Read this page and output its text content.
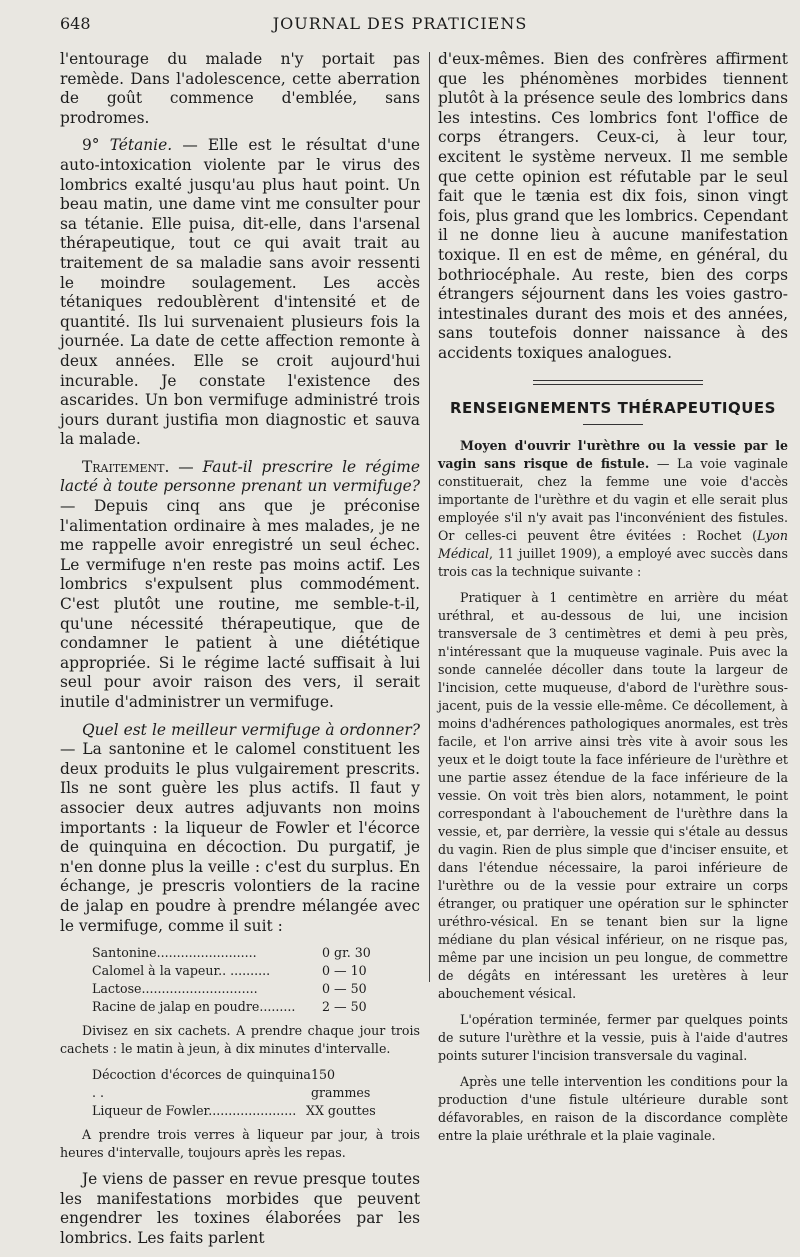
648	JOURNAL DES PRATICIENS

l'entourage du malade n'y portait pas remède. Dans l'adolescence, cette aberration de goût commence d'emblée, sans prodromes.

9° Tétanie. — Elle est le résultat d'une auto-intoxication violente par le virus des lombrics exalté jusqu'au plus haut point. Un beau matin, une dame vint me consulter pour sa tétanie. Elle puisa, dit-elle, dans l'arsenal thérapeutique, tout ce qui avait trait au traitement de sa maladie sans avoir ressenti le moindre soulagement. Les accès tétaniques redoublèrent d'intensité et de quantité. Ils lui survenaient plusieurs fois la journée. La date de cette affection remonte à deux années. Elle se croit aujourd'hui incurable. Je constate l'existence des ascarides. Un bon vermifuge administré trois jours durant justifia mon diagnostic et sauva la malade.

Traitement. — Faut-il prescrire le régime lacté à toute personne prenant un vermifuge? — Depuis cinq ans que je préconise l'alimentation ordinaire à mes malades, je ne me rappelle avoir enregistré un seul échec. Le vermifuge n'en reste pas moins actif. Les lombrics s'expulsent plus commodément. C'est plutôt une routine, me semble-t-il, qu'une nécessité thérapeutique, que de condamner le patient à une diététique appropriée. Si le régime lacté suffisait à lui seul pour avoir raison des vers, il serait inutile d'administrer un vermifuge.

Quel est le meilleur vermifuge à ordonner? — La santonine et le calomel constituent les deux produits le plus vulgairement prescrits. Ils ne sont guère les plus actifs. Il faut y associer deux autres adjuvants non moins importants : la liqueur de Fowler et l'écorce de quinquina en décoction. Du purgatif, je n'en donne plus la veille : c'est du surplus. En échange, je prescris volontiers de la racine de jalap en poudre à prendre mélangée avec le vermifuge, comme il suit :

Santonine.........................	0 gr. 30
Calomel à la vapeur.. ..........	0 — 10
Lactose.............................	0 — 50
Racine de jalap en poudre......... 2 — 50

Divisez en six cachets. A prendre chaque jour trois cachets : le matin à jeun, à dix minutes d'intervalle.

Décoction d'écorces de quinquina . .
150 grammes
Liqueur de Fowler...................... XX gouttes

A prendre trois verres à liqueur par jour, à trois heures d'intervalle, toujours après les repas.

Je viens de passer en revue presque toutes les manifestations morbides que peuvent engendrer les toxines élaborées par les lombrics. Les faits parlent

d'eux-mêmes. Bien des confrères affirment que les phénomènes morbides tiennent plutôt à la présence seule des lombrics dans les intestins. Ces lombrics font l'office de corps étrangers. Ceux-ci, à leur tour, excitent le système nerveux. Il me semble que cette opinion est réfutable par le seul fait que le tænia est dix fois, sinon vingt fois, plus grand que les lombrics. Cependant il ne donne lieu à aucune manifestation toxique. Il en est de même, en général, du bothriocéphale. Au reste, bien des corps étrangers séjournent dans les voies gastro-intestinales durant des mois et des années, sans toutefois donner naissance à des accidents toxiques analogues.

RENSEIGNEMENTS THÉRAPEUTIQUES

Moyen d'ouvrir l'urèthre ou la vessie par le vagin sans risque de fistule. — La voie vaginale constituerait, chez la femme une voie d'accès importante de l'urèthre et du vagin et elle serait plus employée s'il n'y avait pas l'inconvénient des fistules. Or celles-ci peuvent être évitées : Rochet (Lyon Médical, 11 juillet 1909), a employé avec succès dans trois cas la technique suivante :

Pratiquer à 1 centimètre en arrière du méat uréthral, et au-dessous de lui, une incision transversale de 3 centimètres et demi à peu près, n'intéressant que la muqueuse vaginale. Puis avec la sonde cannelée décoller dans toute la largeur de l'incision, cette muqueuse, d'abord de l'urèthre sous-jacent, puis de la vessie elle-même. Ce décollement, à moins d'adhérences pathologiques anormales, est très facile, et l'on arrive ainsi très vite à avoir sous les yeux et le doigt toute la face inférieure de l'urèthre et une partie assez étendue de la face inférieure de la vessie. On voit très bien alors, notamment, le point correspondant à l'abouchement de l'urèthre dans la vessie, et, par derrière, la vessie qui s'étale au dessus du vagin. Rien de plus simple que d'inciser ensuite, et dans l'étendue nécessaire, la paroi inférieure de l'urèthre ou de la vessie pour extraire un corps étranger, ou pratiquer une opération sur le sphincter uréthro-vésical. En se tenant bien sur la ligne médiane du plan vésical inférieur, on ne risque pas, même par une incision un peu longue, de commettre de dégâts en intéressant les uretères à leur abouchement vésical.

L'opération terminée, fermer par quelques points de suture l'urèthre et la vessie, puis à l'aide d'autres points suturer l'incision transversale du vaginal.

Après une telle intervention les conditions pour la production d'une fistule ultérieure durable sont défavorables, en raison de la discordance complète entre la plaie uréthrale et la plaie vaginale.
